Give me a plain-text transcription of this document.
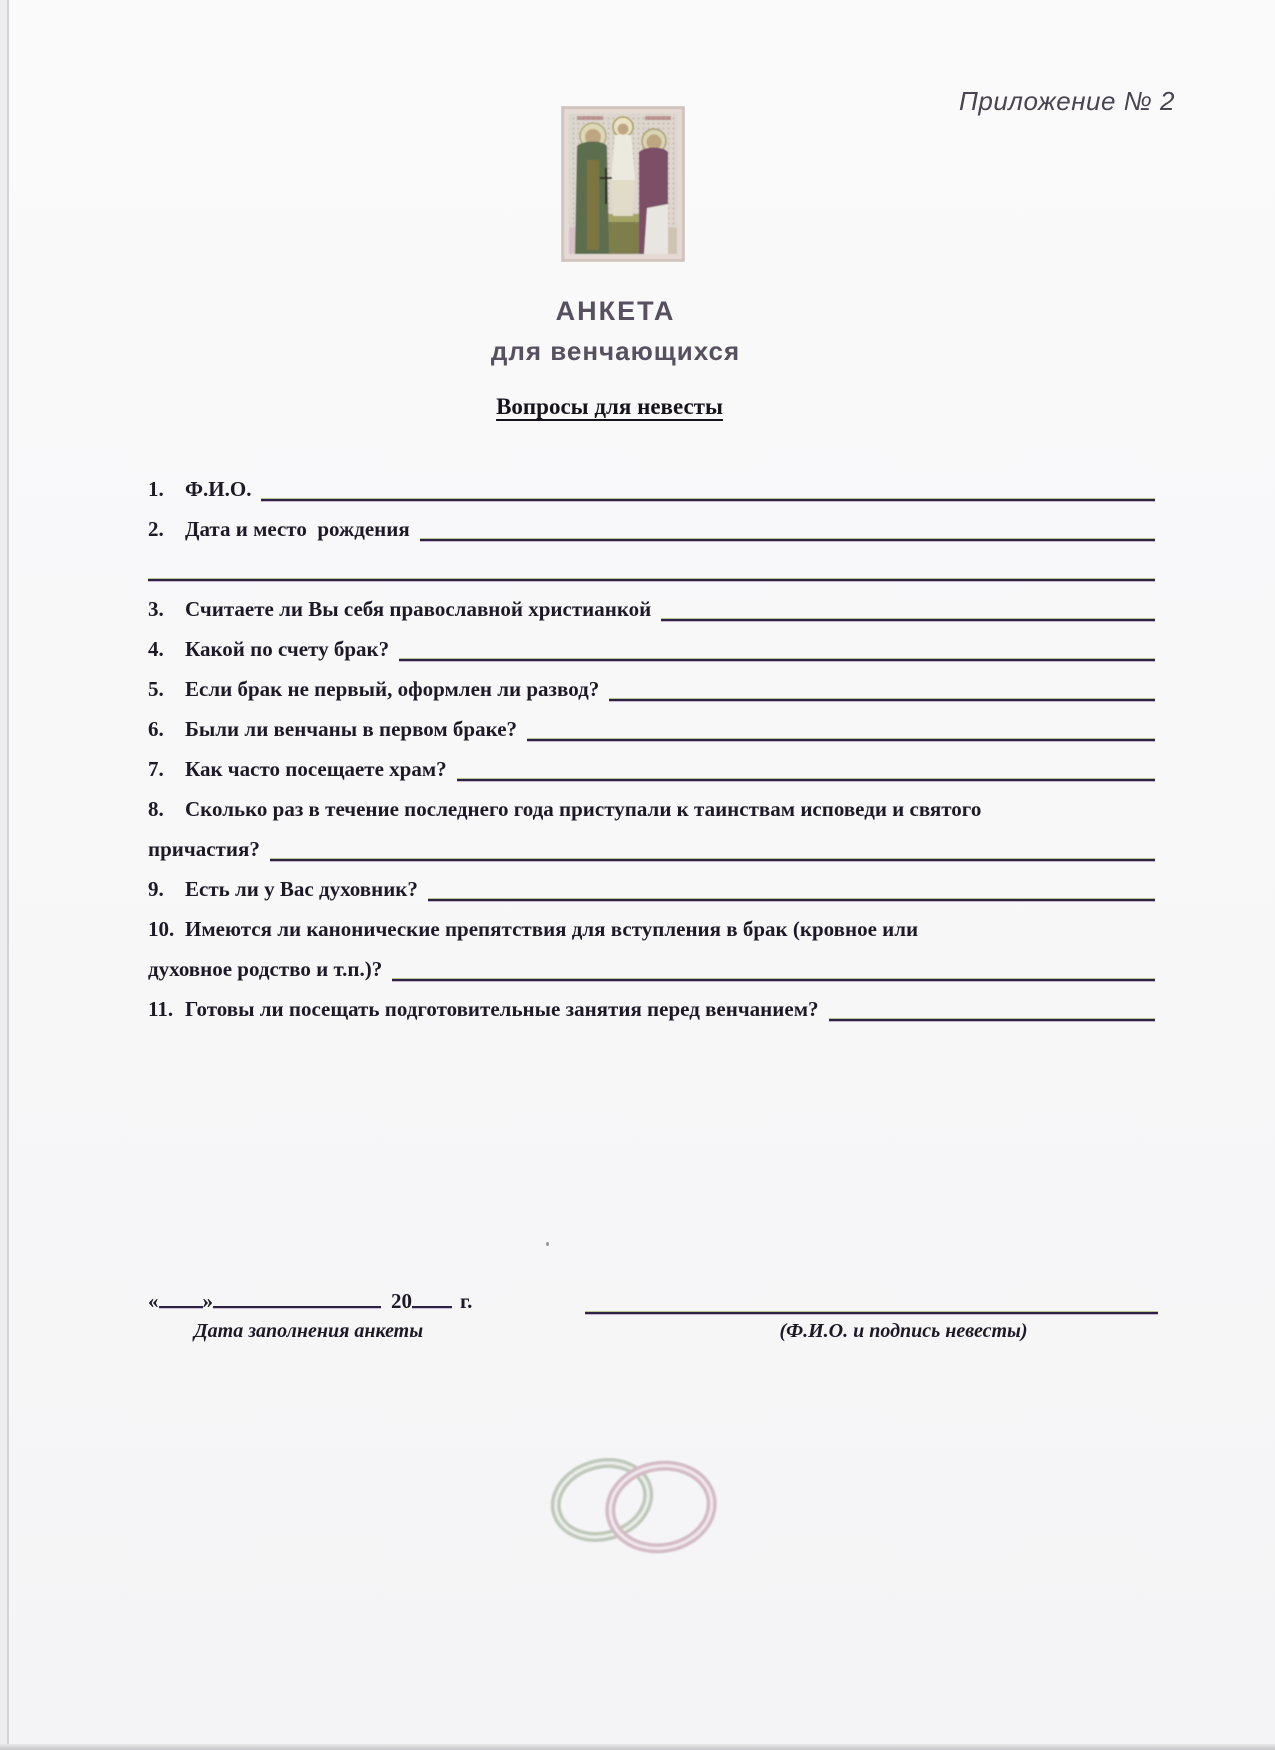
Приложение № 2
АНКЕТА
для венчающихся
Вопросы для невесты
1.	Ф.И.О.
2.	Дата и место  рождения
3.	Считаете ли Вы себя православной христианкой
4.	Какой по счету брак?
5.	Если брак не первый, оформлен ли развод?
6.	Были ли венчаны в первом браке?
7.	Как часто посещаете храм?
8.	Сколько раз в течение последнего года приступали к таинствам исповеди и святого
причастия?
9.	Есть ли у Вас духовник?
10. Имеются ли канонические препятствия для вступления в брак (кровное или
духовное родство и т.п.)?
11. Готовы ли посещать подготовительные занятия перед венчанием?
« »	20 г.
Дата заполнения анкеты	(Ф.И.О. и подпись невесты)
